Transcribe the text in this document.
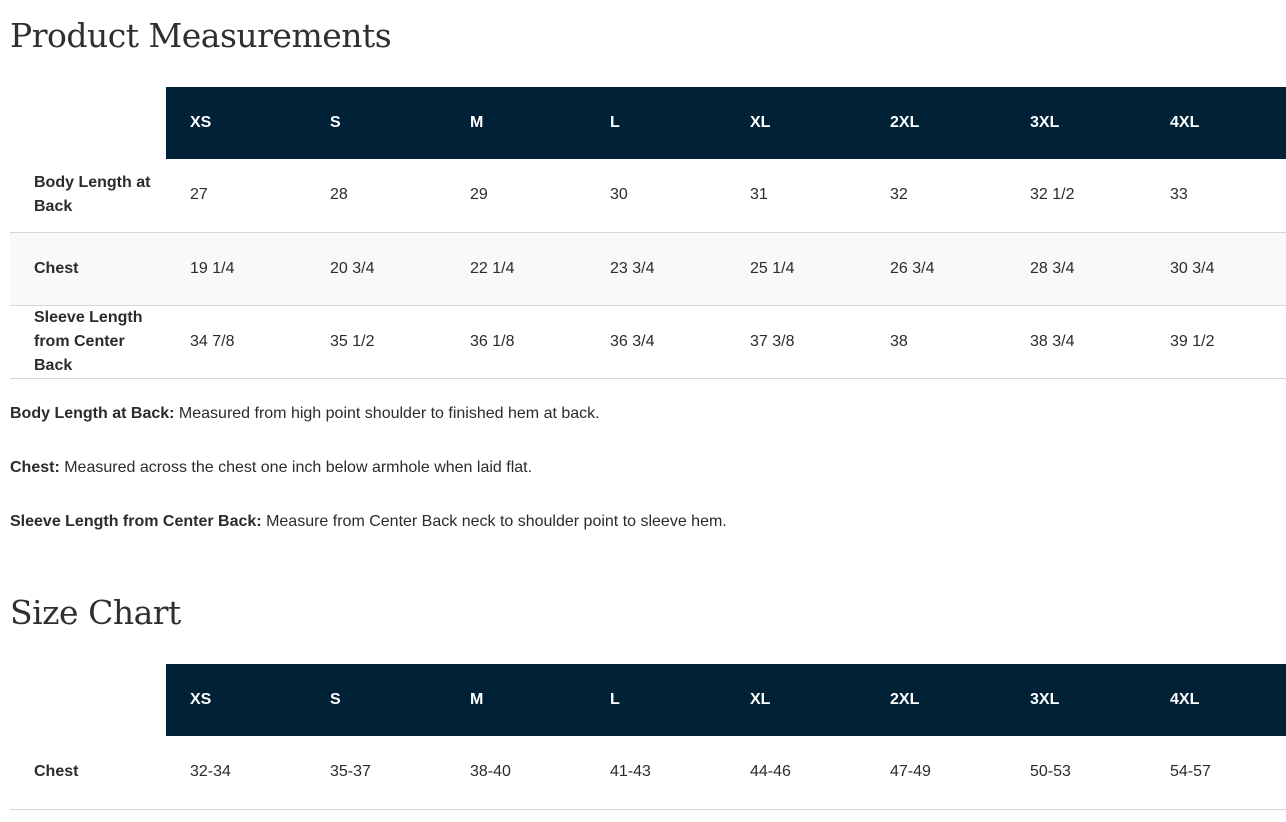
Product Measurements
	XS	S	M	L	XL	2XL	3XL	4XL
Body Length at Back	27	28	29	30	31	32	32 1/2	33
Chest	19 1/4	20 3/4	22 1/4	23 3/4	25 1/4	26 3/4	28 3/4	30 3/4
Sleeve Length from Center Back	34 7/8	35 1/2	36 1/8	36 3/4	37 3/8	38	38 3/4	39 1/2

Body Length at Back: Measured from high point shoulder to finished hem at back.

Chest: Measured across the chest one inch below armhole when laid flat.

Sleeve Length from Center Back: Measure from Center Back neck to shoulder point to sleeve hem.

Size Chart
	XS	S	M	L	XL	2XL	3XL	4XL
Chest	32-34	35-37	38-40	41-43	44-46	47-49	50-53	54-57
